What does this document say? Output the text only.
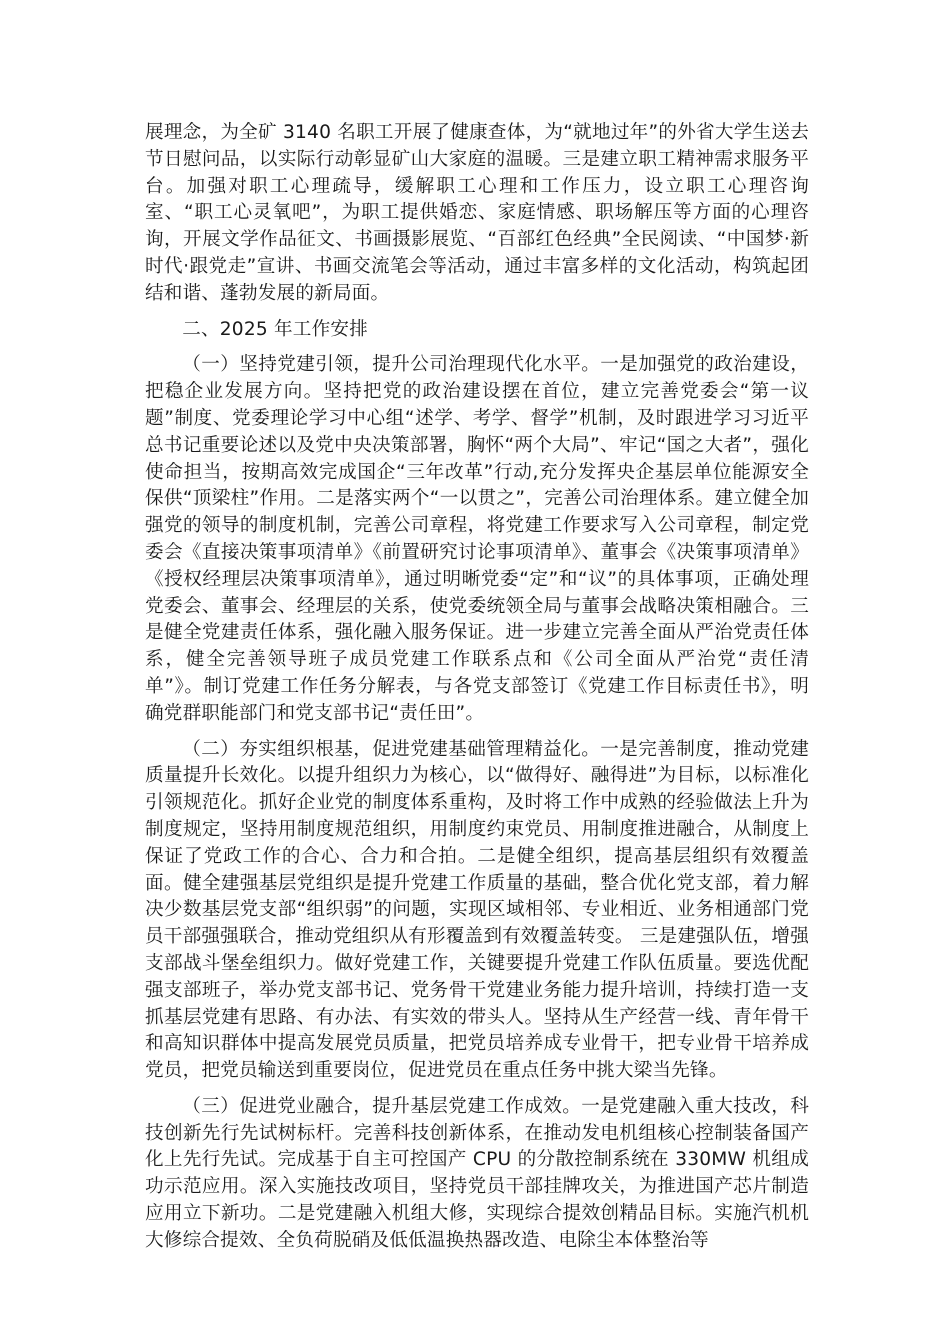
展理念，为全矿 3140 名职工开展了健康查体，为“就地过年”的外省大学生送去节日慰问品，以实际行动彰显矿山大家庭的温暖。三是建立职工精神需求服务平台。加强对职工心理疏导，缓解职工心理和工作压力，设立职工心理咨询室、“职工心灵氧吧”，为职工提供婚恋、家庭情感、职场解压等方面的心理咨询，开展文学作品征文、书画摄影展览、“百部红色经典”全民阅读、“中国梦·新时代·跟党走”宣讲、书画交流笔会等活动，通过丰富多样的文化活动，构筑起团结和谐、蓬勃发展的新局面。

二、2025 年工作安排

（一）坚持党建引领，提升公司治理现代化水平。一是加强党的政治建设，把稳企业发展方向。坚持把党的政治建设摆在首位，建立完善党委会“第一议题”制度、党委理论学习中心组“述学、考学、督学”机制，及时跟进学习习近平总书记重要论述以及党中央决策部署，胸怀“两个大局”、牢记“国之大者”，强化使命担当，按期高效完成国企“三年改革”行动,充分发挥央企基层单位能源安全保供“顶梁柱”作用。二是落实两个“一以贯之”，完善公司治理体系。建立健全加强党的领导的制度机制，完善公司章程，将党建工作要求写入公司章程，制定党委会《直接决策事项清单》《前置研究讨论事项清单》、董事会《决策事项清单》《授权经理层决策事项清单》，通过明晰党委“定”和“议”的具体事项，正确处理党委会、董事会、经理层的关系，使党委统领全局与董事会战略决策相融合。三是健全党建责任体系，强化融入服务保证。进一步建立完善全面从严治党责任体系，健全完善领导班子成员党建工作联系点和《公司全面从严治党“责任清单”》。制订党建工作任务分解表，与各党支部签订《党建工作目标责任书》，明确党群职能部门和党支部书记“责任田”。

（二）夯实组织根基，促进党建基础管理精益化。一是完善制度，推动党建质量提升长效化。以提升组织力为核心，以“做得好、融得进”为目标，以标准化引领规范化。抓好企业党的制度体系重构，及时将工作中成熟的经验做法上升为制度规定，坚持用制度规范组织，用制度约束党员、用制度推进融合，从制度上保证了党政工作的合心、合力和合拍。二是健全组织，提高基层组织有效覆盖面。健全建强基层党组织是提升党建工作质量的基础，整合优化党支部，着力解决少数基层党支部“组织弱”的问题，实现区域相邻、专业相近、业务相通部门党员干部强强联合，推动党组织从有形覆盖到有效覆盖转变。 三是建强队伍，增强支部战斗堡垒组织力。做好党建工作，关键要提升党建工作队伍质量。要选优配强支部班子，举办党支部书记、党务骨干党建业务能力提升培训，持续打造一支抓基层党建有思路、有办法、有实效的带头人。坚持从生产经营一线、青年骨干和高知识群体中提高发展党员质量，把党员培养成专业骨干，把专业骨干培养成党员，把党员输送到重要岗位，促进党员在重点任务中挑大梁当先锋。

（三）促进党业融合，提升基层党建工作成效。一是党建融入重大技改，科技创新先行先试树标杆。完善科技创新体系，在推动发电机组核心控制装备国产化上先行先试。完成基于自主可控国产 CPU 的分散控制系统在 330MW 机组成功示范应用。深入实施技改项目，坚持党员干部挂牌攻关，为推进国产芯片制造应用立下新功。二是党建融入机组大修，实现综合提效创精品目标。实施汽机机大修综合提效、全负荷脱硝及低低温换热器改造、电除尘本体整治等
